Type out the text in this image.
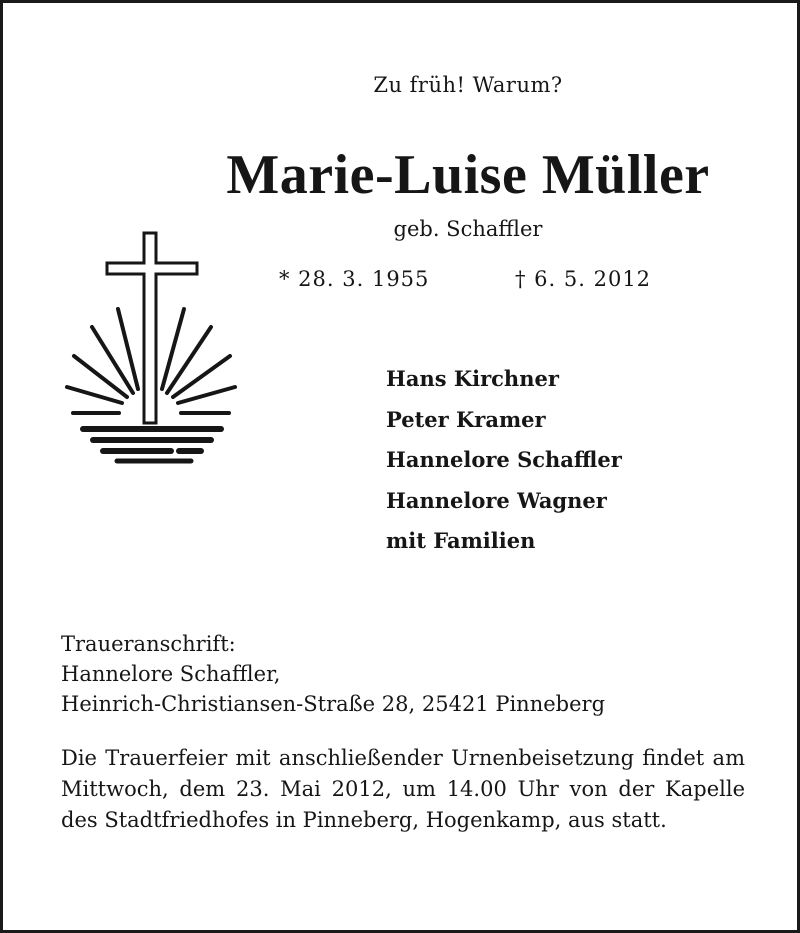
Zu früh! Warum?
Marie-Luise Müller
geb. Schaffler
* 28. 3. 1955	† 6. 5. 2012
Hans Kirchner
Peter Kramer
Hannelore Schaffler
Hannelore Wagner
mit Familien
Traueranschrift:
Hannelore Schaffler,
Heinrich-Christiansen-Straße 28, 25421 Pinneberg

Die Trauerfeier mit anschließender Urnenbeisetzung findet am Mittwoch, dem 23. Mai 2012, um 14.00 Uhr von der Kapelle des Stadtfriedhofes in Pinneberg, Hogenkamp, aus statt.
